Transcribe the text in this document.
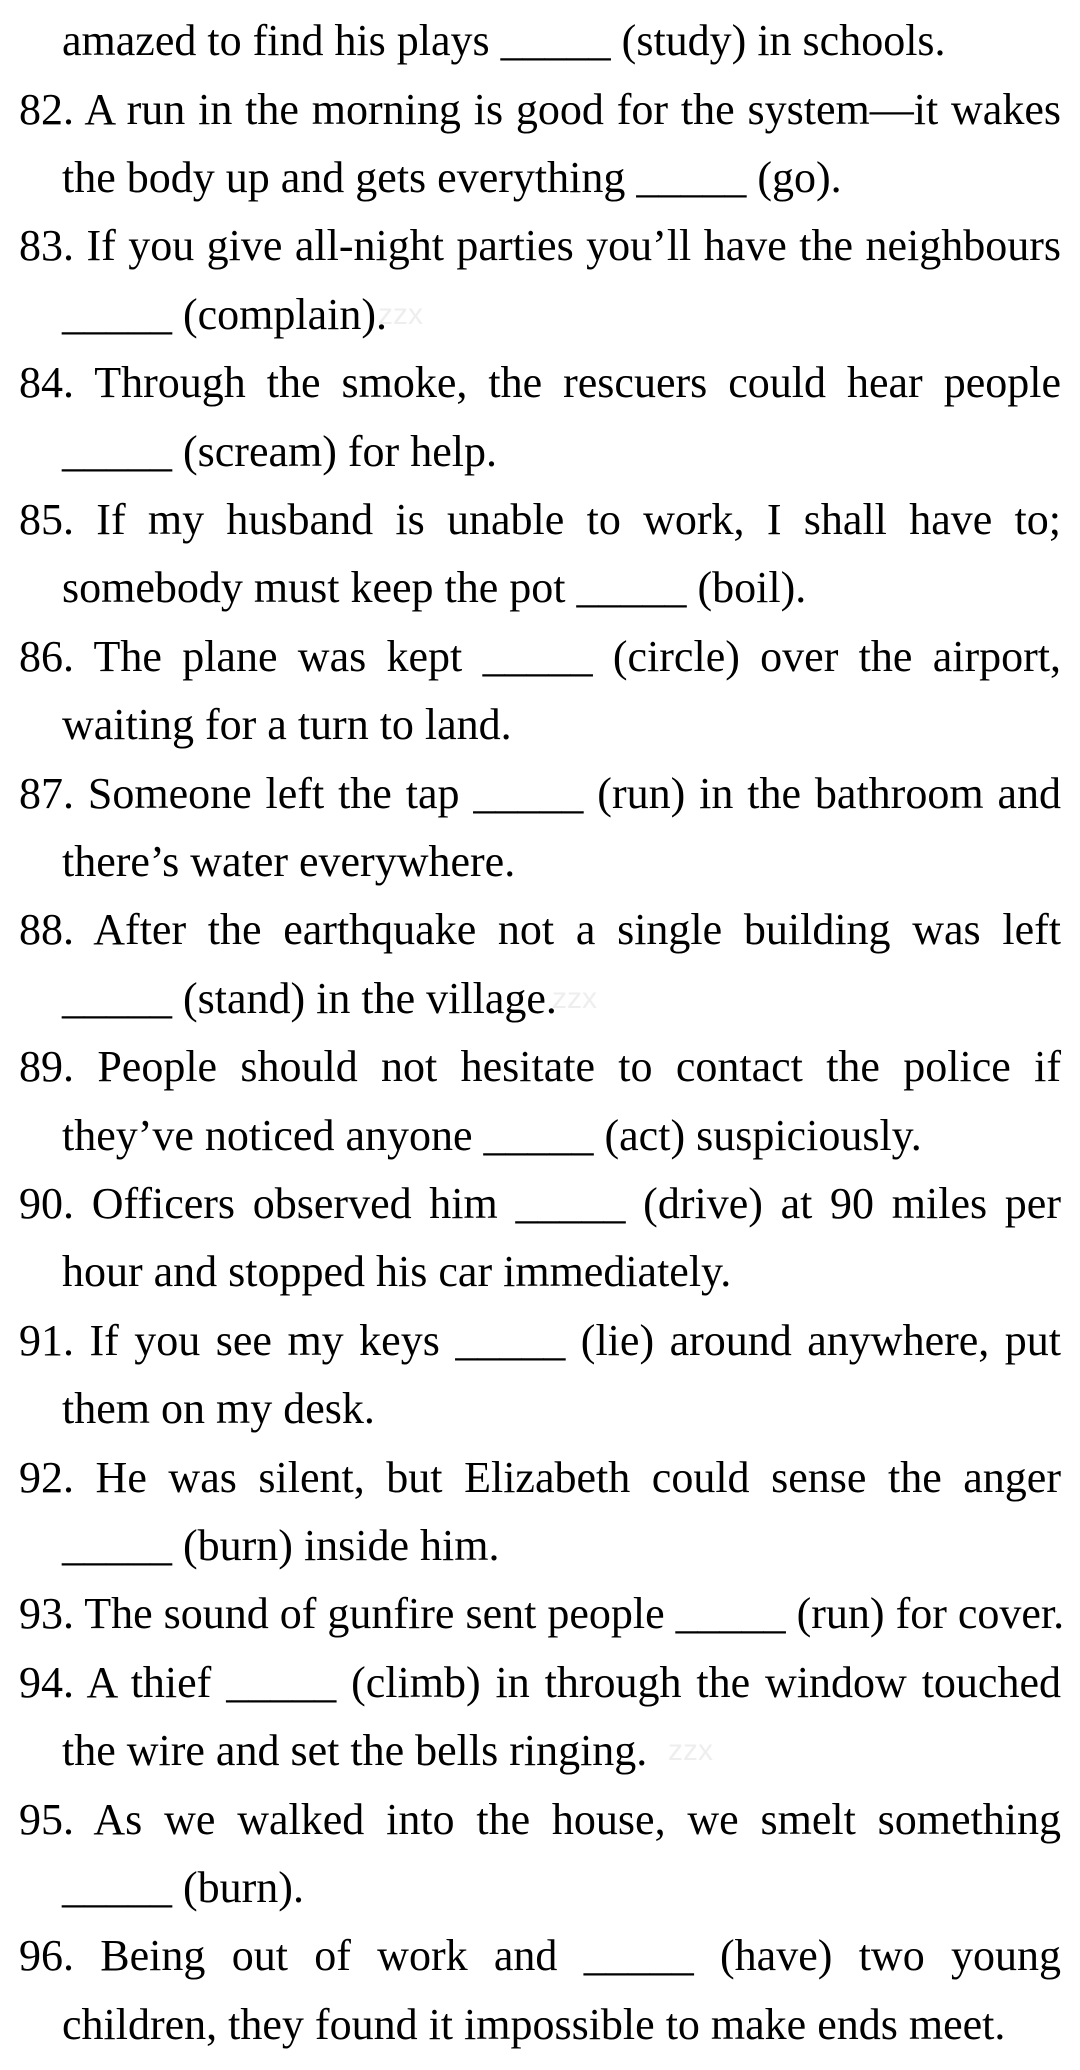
amazed to find his plays _____ (study) in schools.
82. A run in the morning is good for the system—it wakes
the body up and gets everything _____ (go).
83. If you give all-night parties you’ll have the neighbours
_____ (complain).
84. Through the smoke, the rescuers could hear people
_____ (scream) for help.
85. If my husband is unable to work, I shall have to;
somebody must keep the pot _____ (boil).
86. The plane was kept _____ (circle) over the airport,
waiting for a turn to land.
87. Someone left the tap _____ (run) in the bathroom and
there’s water everywhere.
88. After the earthquake not a single building was left
_____ (stand) in the village.
89. People should not hesitate to contact the police if
they’ve noticed anyone _____ (act) suspiciously.
90. Officers observed him _____ (drive) at 90 miles per
hour and stopped his car immediately.
91. If you see my keys _____ (lie) around anywhere, put
them on my desk.
92. He was silent, but Elizabeth could sense the anger
_____ (burn) inside him.
93. The sound of gunfire sent people _____ (run) for cover.
94. A thief _____ (climb) in through the window touched
the wire and set the bells ringing.
95. As we walked into the house, we smelt something
_____ (burn).
96. Being out of work and _____ (have) two young
children, they found it impossible to make ends meet.
zzx
zzx
zzx
